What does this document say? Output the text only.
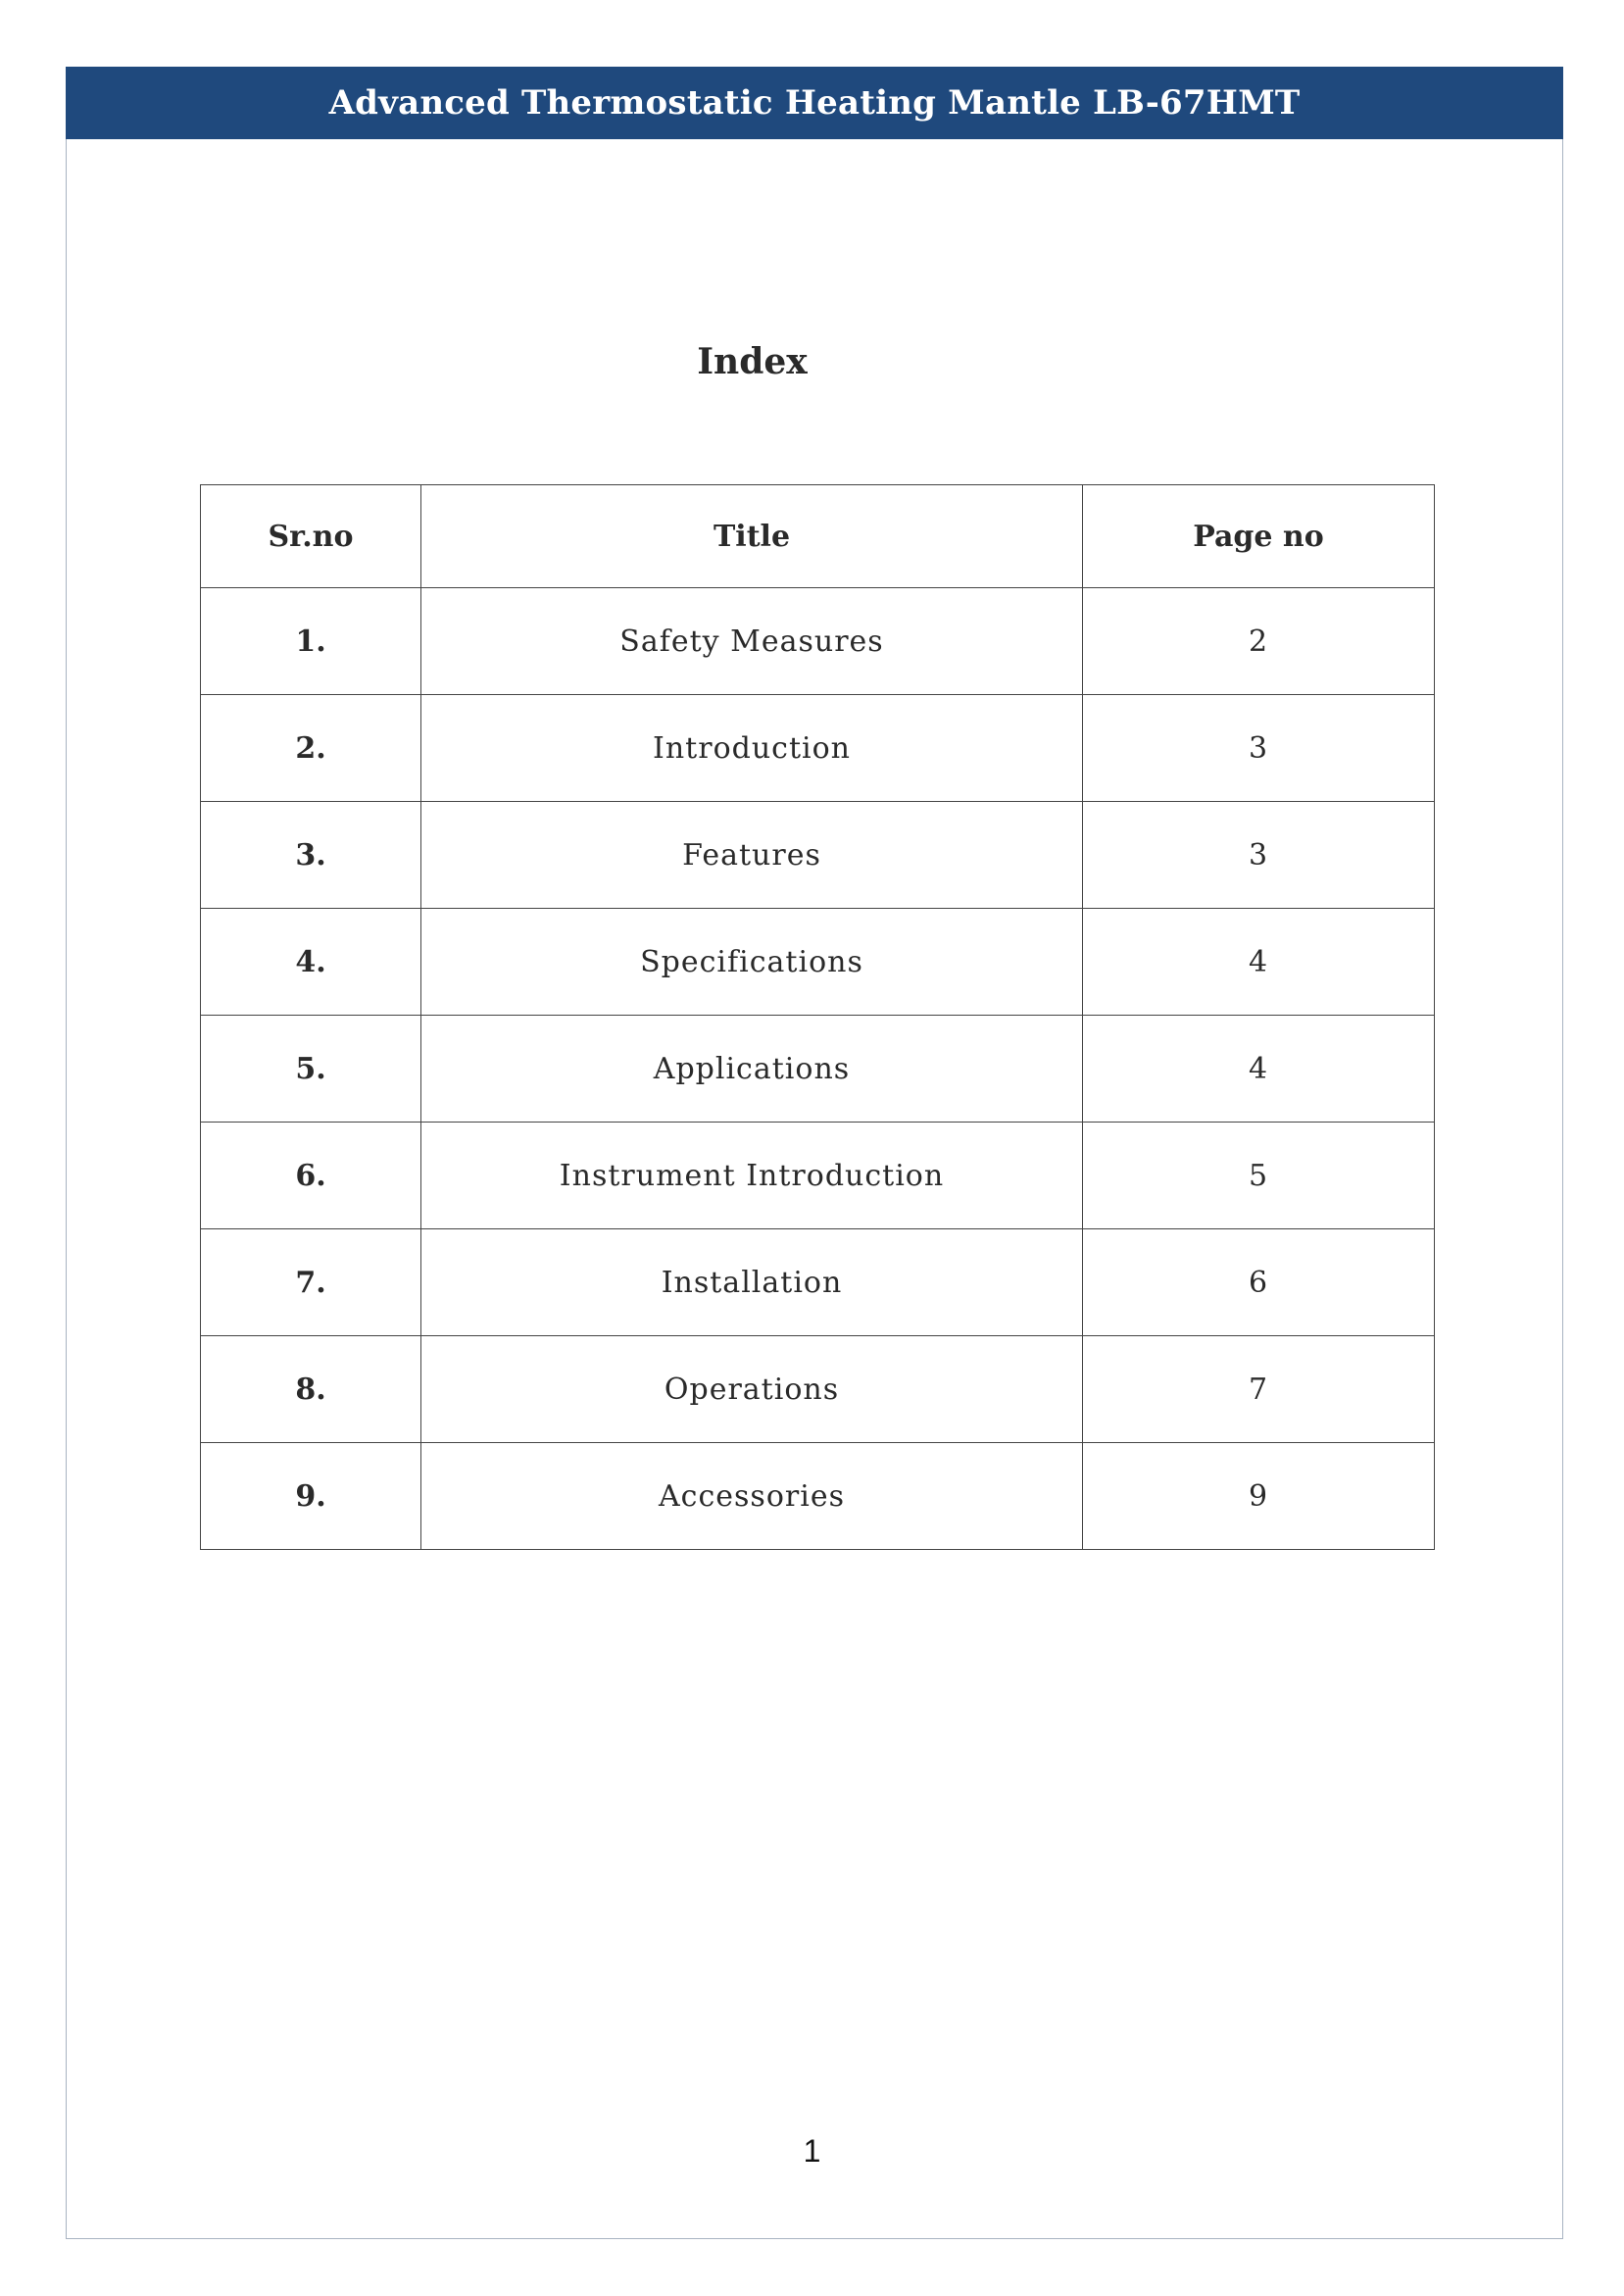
Advanced Thermostatic Heating Mantle LB-67HMT
Index
Sr.no	Title	Page no
1.	Safety Measures	2
2.	Introduction	3
3.	Features	3
4.	Specifications	4
5.	Applications	4
6.	Instrument Introduction	5
7.	Installation	6
8.	Operations	7
9.	Accessories	9
1
